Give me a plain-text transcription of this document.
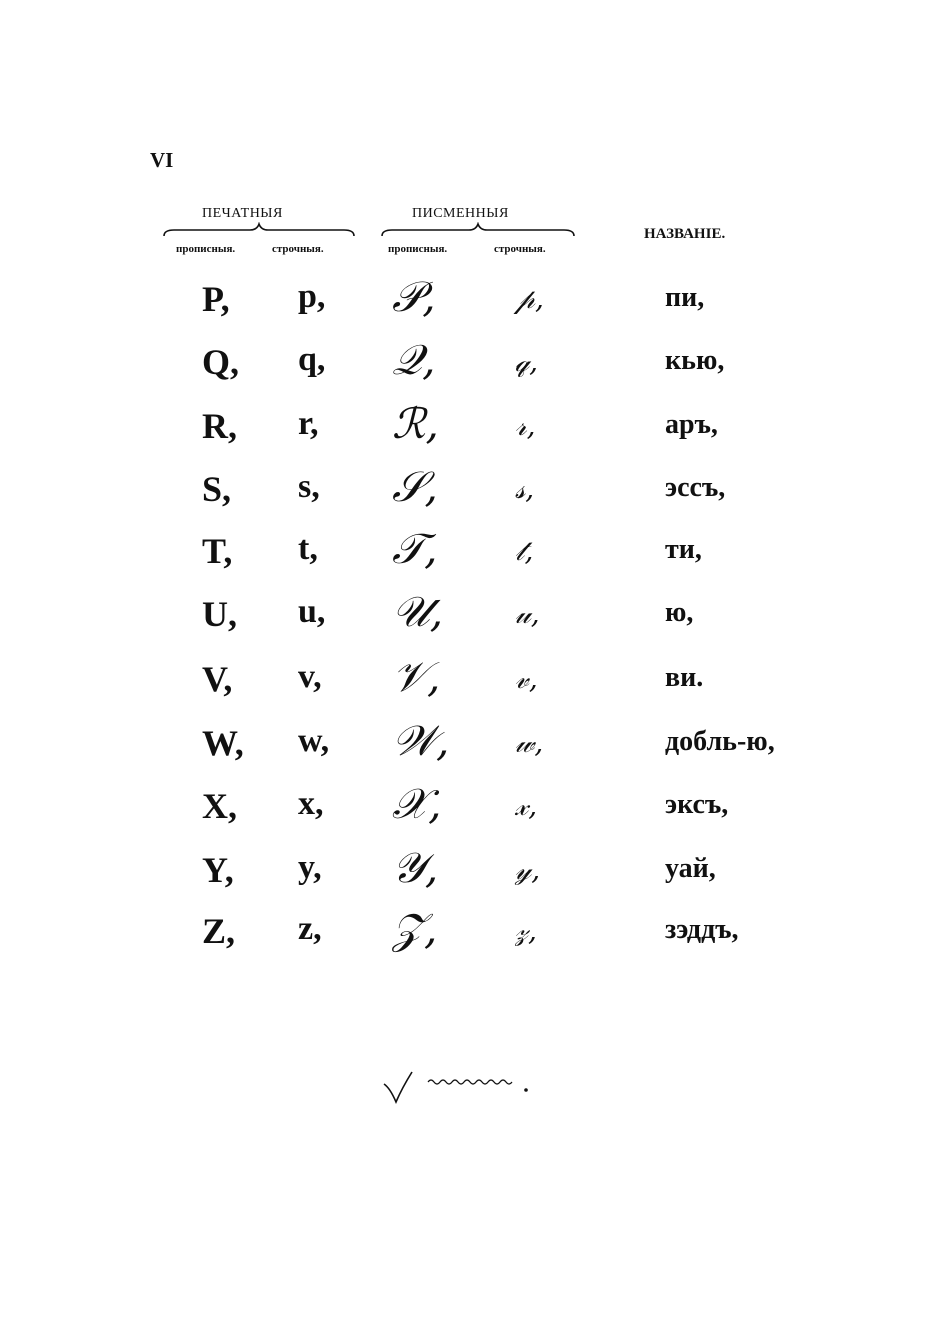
VI
ПЕЧАТНЫЯ	ПИСМЕННЫЯ
прописныя.	строчныя.	прописныя.	строчныя.
НАЗВАНIЕ.
P, p, 𝒫,	𝓅,	пи,
Q, q, 𝒬,	𝓆,	кью,
R, r, ℛ,	𝓇,	аръ,
S, s, 𝒮,	𝓈,	эссъ,
T, t, 𝒯,	𝓉,	ти,
U, u, 𝒰,	𝓊,	ю,
V, v, 𝒱,	𝓋,	ви.
W, w, 𝒲, 𝓌,	добль-ю,
X, x, 𝒳,	𝓍,	эксъ,
Y, y, 𝒴,	𝓎,	уай,
Z, z, 𝒵,	𝓏,	зэддъ,
